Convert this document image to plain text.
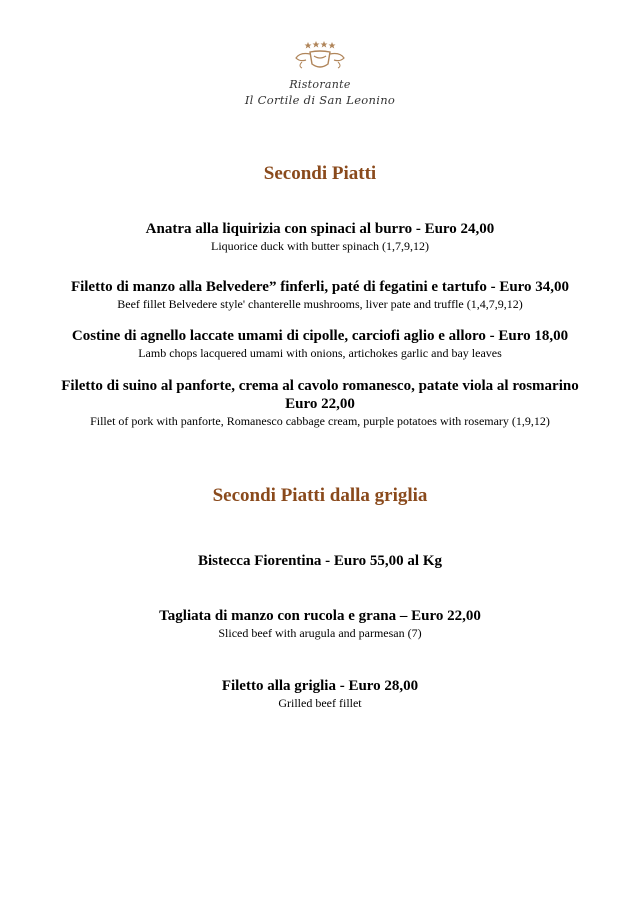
Ristorante
Il Cortile di San Leonino
Secondi Piatti
Anatra alla liquirizia con spinaci al burro - Euro 24,00
Liquorice duck with butter spinach (1,7,9,12)
Filetto di manzo alla Belvedere” finferli, paté di fegatini e tartufo - Euro 34,00
Beef fillet Belvedere style' chanterelle mushrooms, liver pate and truffle (1,4,7,9,12)
Costine di agnello laccate umami di cipolle, carciofi aglio e alloro - Euro 18,00
Lamb chops lacquered umami with onions, artichokes garlic and bay leaves
Filetto di suino al panforte, crema al cavolo romanesco, patate viola al rosmarino
Euro 22,00
Fillet of pork with panforte, Romanesco cabbage cream, purple potatoes with rosemary (1,9,12)
Secondi Piatti dalla griglia
Bistecca Fiorentina - Euro 55,00 al Kg
Tagliata di manzo con rucola e grana – Euro 22,00
Sliced beef with arugula and parmesan (7)
Filetto alla griglia - Euro 28,00
Grilled beef fillet
